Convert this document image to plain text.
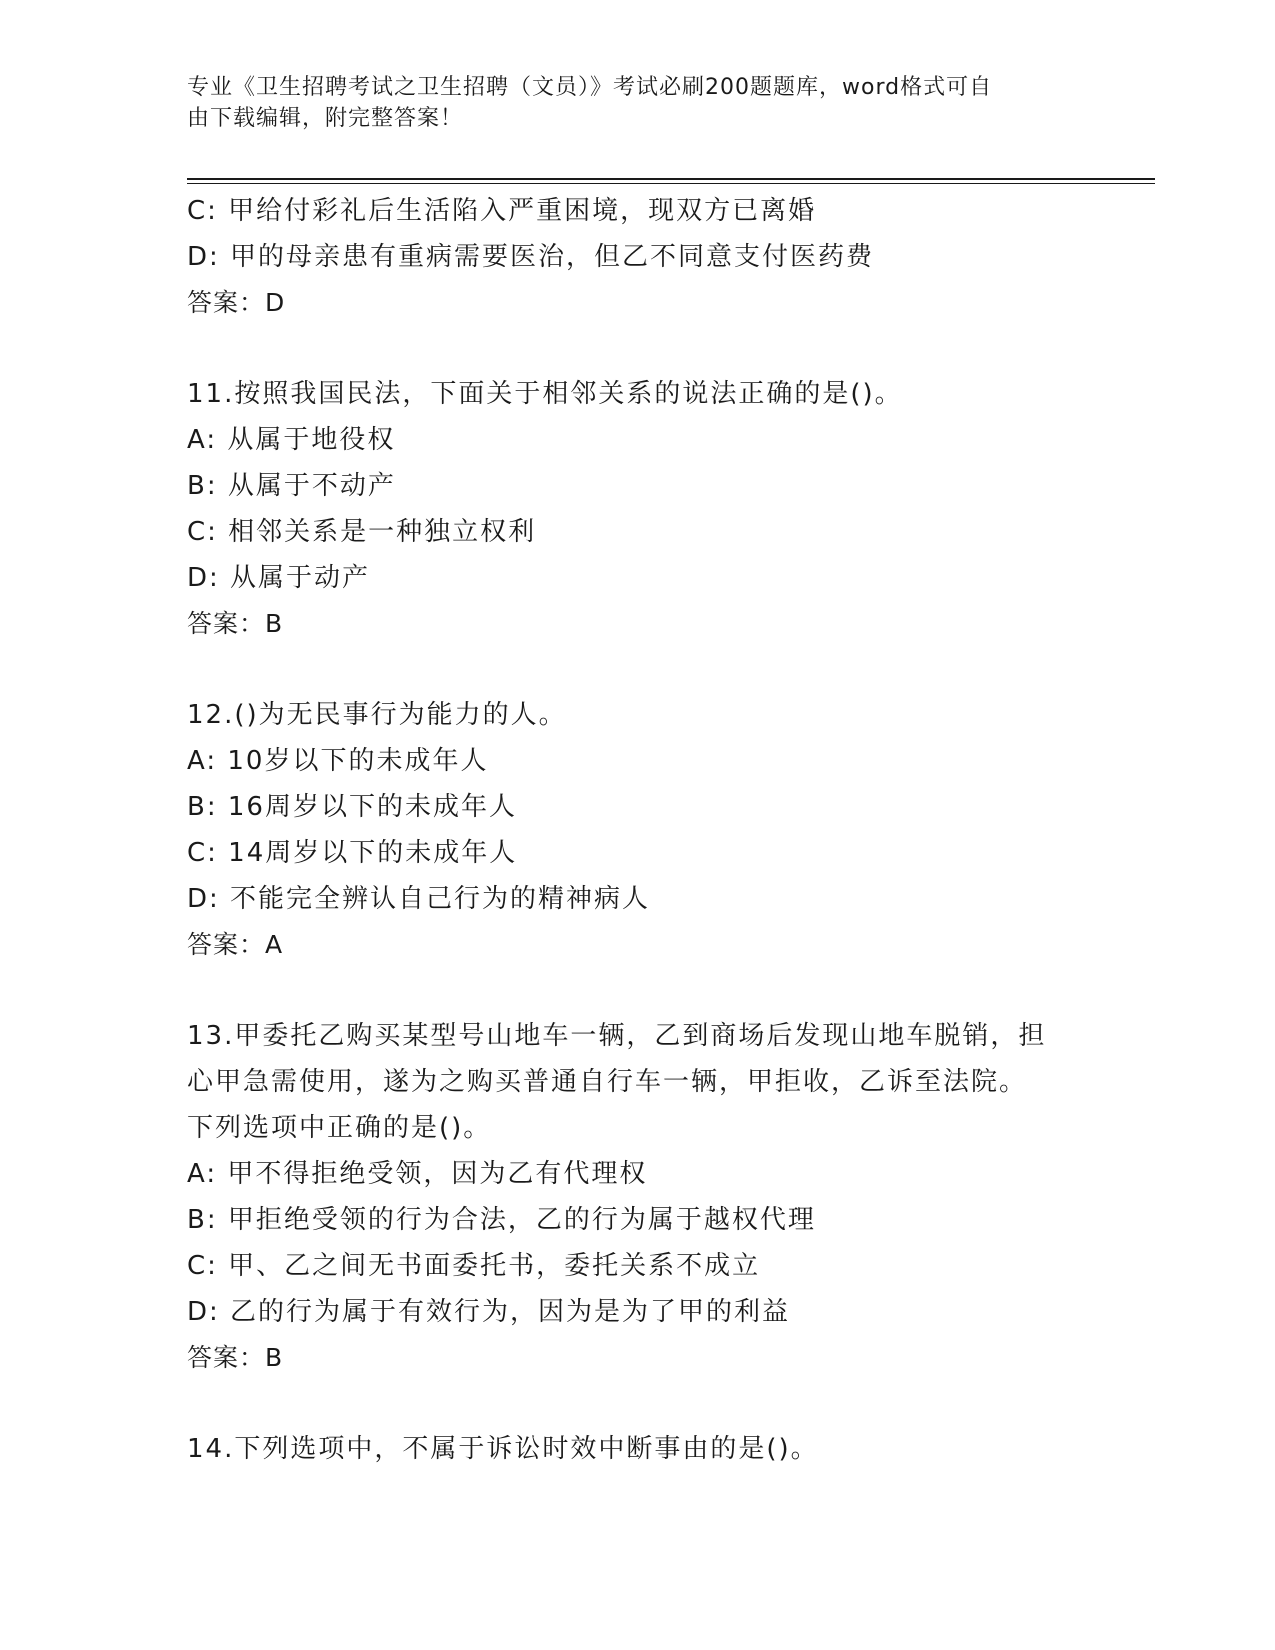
专业《卫生招聘考试之卫生招聘（文员）》考试必刷200题题库，word格式可自
由下载编辑，附完整答案！
C: 甲给付彩礼后生活陷入严重困境，现双方已离婚
D: 甲的母亲患有重病需要医治，但乙不同意支付医药费
答案：D
11.按照我国民法，下面关于相邻关系的说法正确的是()。
A: 从属于地役权
B: 从属于不动产
C: 相邻关系是一种独立权利
D: 从属于动产
答案：B
12.()为无民事行为能力的人。
A: 10岁以下的未成年人
B: 16周岁以下的未成年人
C: 14周岁以下的未成年人
D: 不能完全辨认自己行为的精神病人
答案：A
13.甲委托乙购买某型号山地车一辆，乙到商场后发现山地车脱销，担
心甲急需使用，遂为之购买普通自行车一辆，甲拒收，乙诉至法院。
下列选项中正确的是()。
A: 甲不得拒绝受领，因为乙有代理权
B: 甲拒绝受领的行为合法，乙的行为属于越权代理
C: 甲、乙之间无书面委托书，委托关系不成立
D: 乙的行为属于有效行为，因为是为了甲的利益
答案：B
14.下列选项中，不属于诉讼时效中断事由的是()。
